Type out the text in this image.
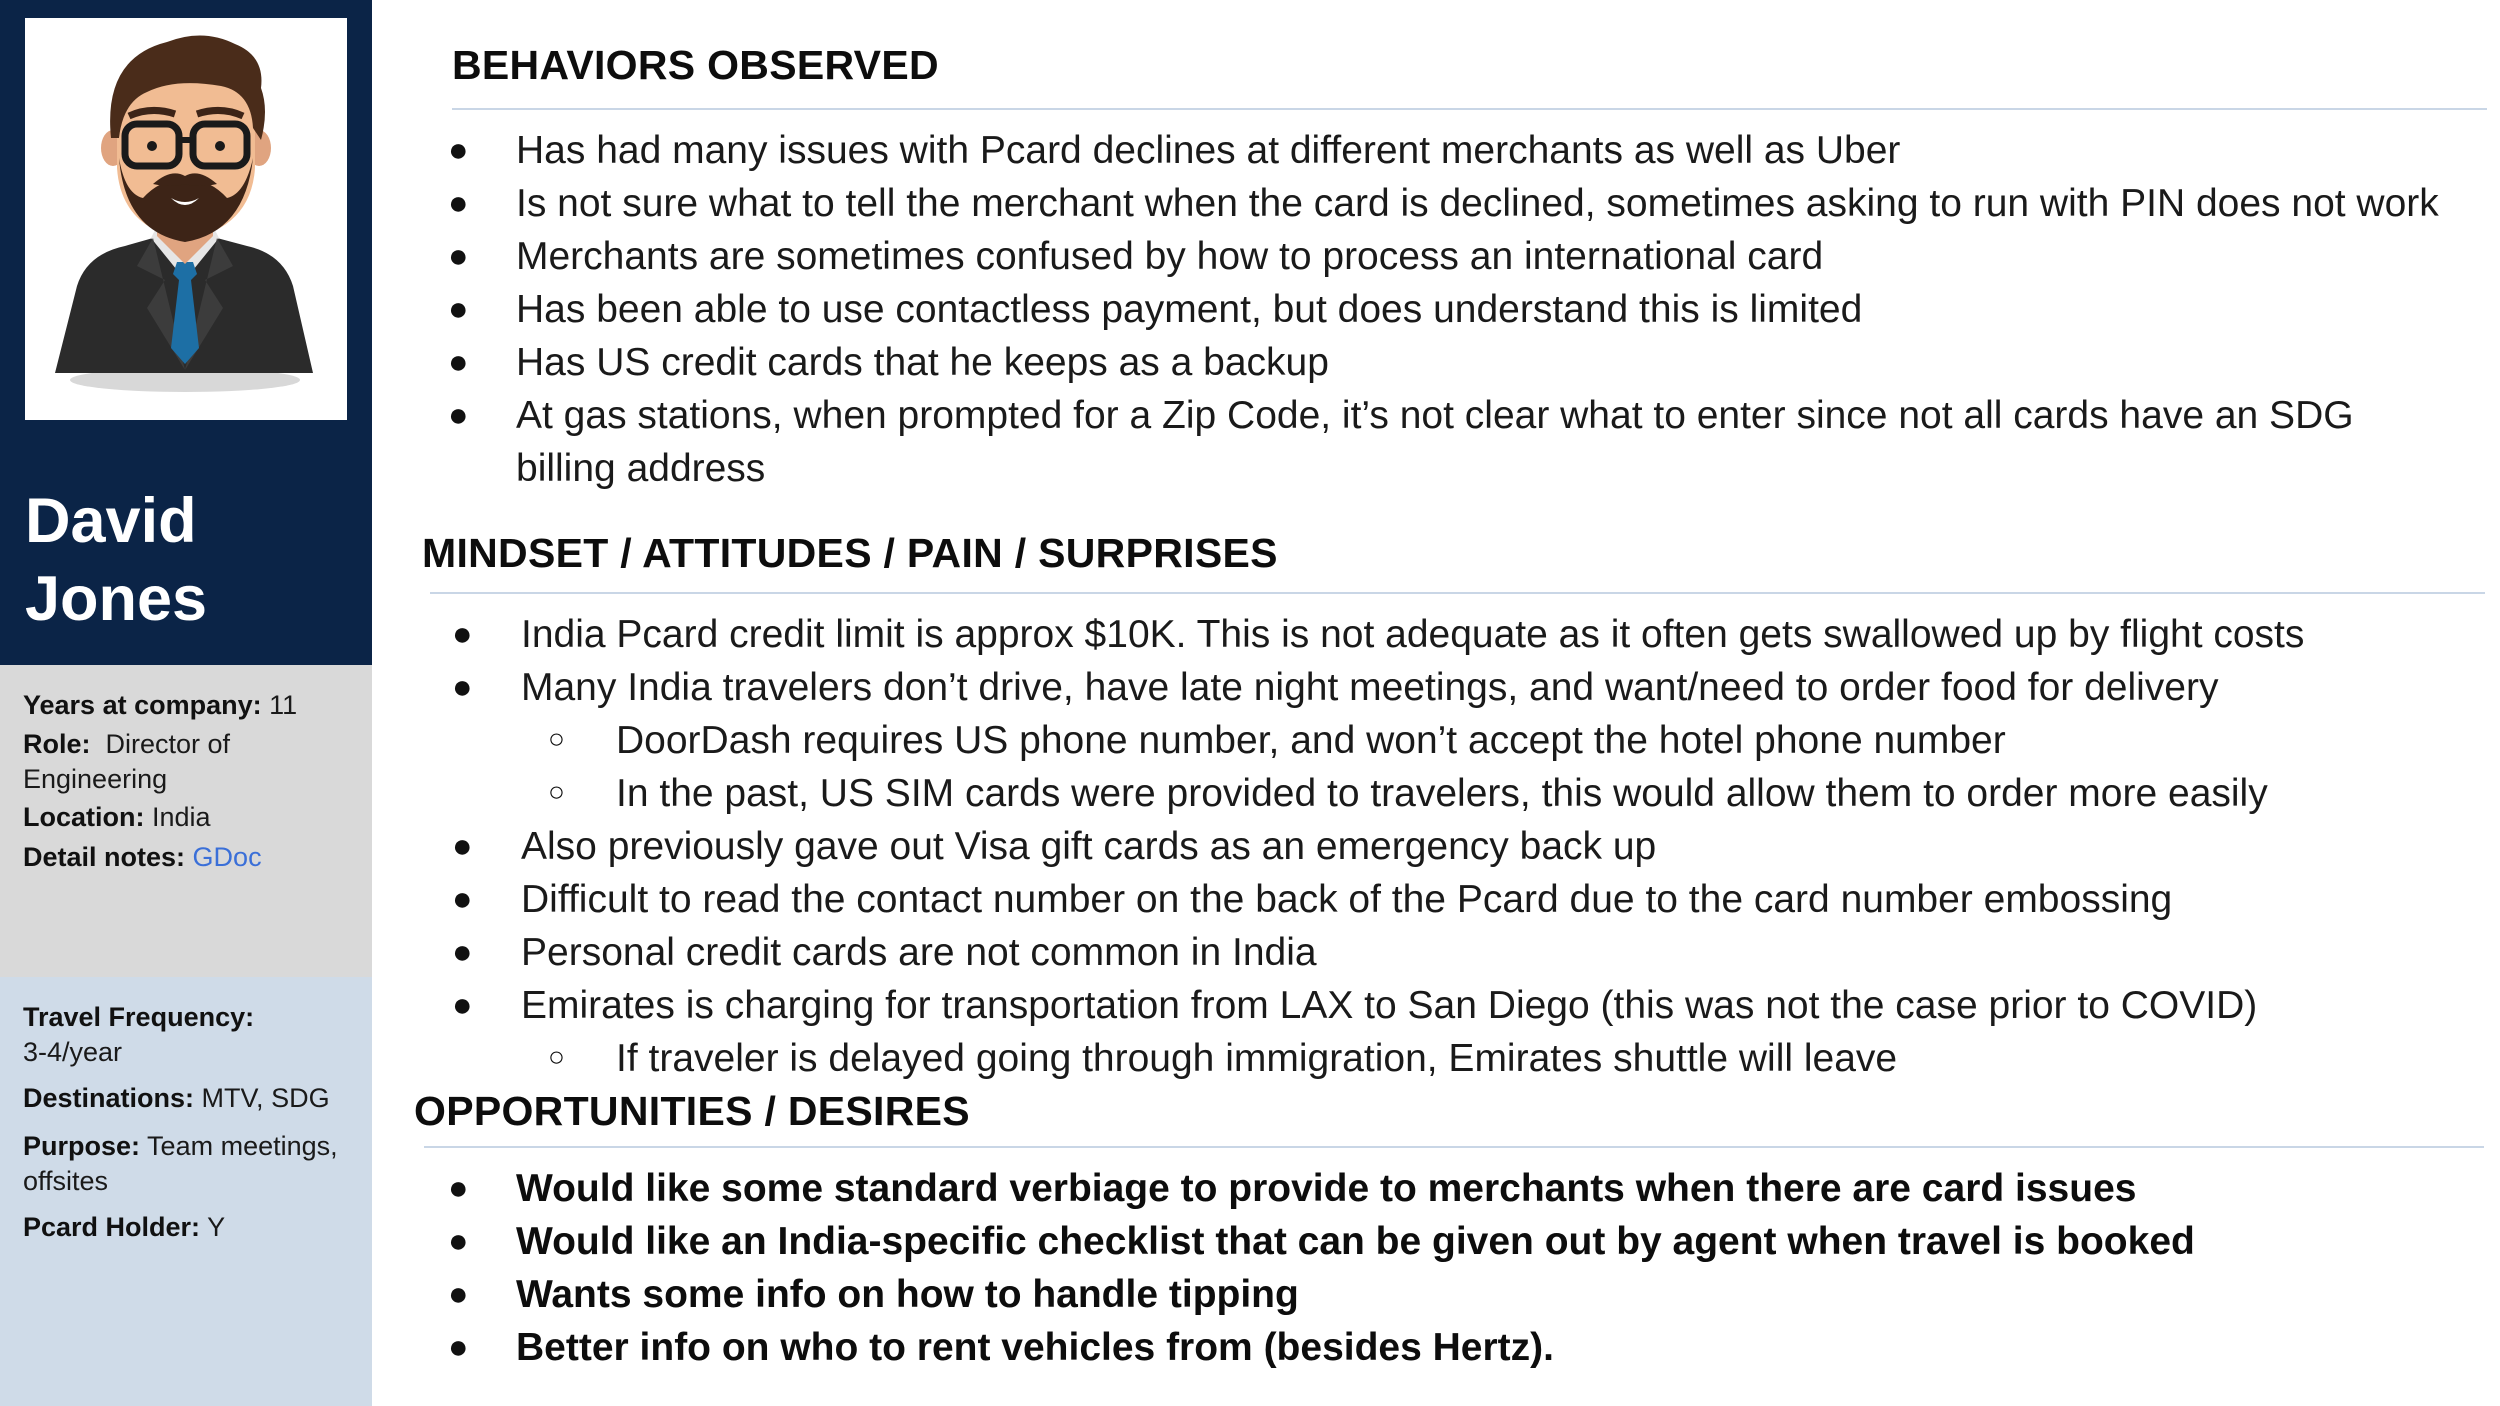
David
Jones
Years at company: 11
Role: Director of Engineering
Location: India
Detail notes: GDoc
Travel Frequency:
3-4/year
Destinations: MTV, SDG
Purpose: Team meetings, offsites
Pcard Holder: Y
BEHAVIORS OBSERVED
● Has had many issues with Pcard declines at different merchants as well as Uber
● Is not sure what to tell the merchant when the card is declined, sometimes asking to run with PIN does not work
● Merchants are sometimes confused by how to process an international card
● Has been able to use contactless payment, but does understand this is limited
● Has US credit cards that he keeps as a backup
● At gas stations, when prompted for a Zip Code, it’s not clear what to enter since not all cards have an SDG
billing address
MINDSET / ATTITUDES / PAIN / SURPRISES
● India Pcard credit limit is approx $10K. This is not adequate as it often gets swallowed up by flight costs
● Many India travelers don’t drive, have late night meetings, and want/need to order food for delivery
○ DoorDash requires US phone number, and won’t accept the hotel phone number
○ In the past, US SIM cards were provided to travelers, this would allow them to order more easily
● Also previously gave out Visa gift cards as an emergency back up
● Difficult to read the contact number on the back of the Pcard due to the card number embossing
● Personal credit cards are not common in India
● Emirates is charging for transportation from LAX to San Diego (this was not the case prior to COVID)
○ If traveler is delayed going through immigration, Emirates shuttle will leave
OPPORTUNITIES / DESIRES
● Would like some standard verbiage to provide to merchants when there are card issues
● Would like an India-specific checklist that can be given out by agent when travel is booked
● Wants some info on how to handle tipping
● Better info on who to rent vehicles from (besides Hertz).
